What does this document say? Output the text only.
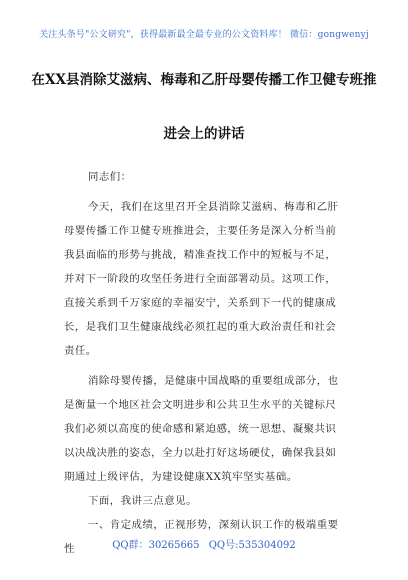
关注头条号"公文研究"，获得最新最全最专业的公文资料库！ 微信：gongwenyj
在XX县消除艾滋病、梅毒和乙肝母婴传播工作卫健专班推
进会上的讲话
同志们：
今天，我们在这里召开全县消除艾滋病、梅毒和乙肝
母婴传播工作卫健专班推进会，主要任务是深入分析当前
我县面临的形势与挑战，精准查找工作中的短板与不足，
并对下一阶段的攻坚任务进行全面部署动员。这项工作，
直接关系到千万家庭的幸福安宁，关系到下一代的健康成
长，是我们卫生健康战线必须扛起的重大政治责任和社会
责任。
消除母婴传播，是健康中国战略的重要组成部分，也
是衡量一个地区社会文明进步和公共卫生水平的关键标尺
我们必须以高度的使命感和紧迫感，统一思想、凝聚共识
以决战决胜的姿态，全力以赴打好这场硬仗，确保我县如
期通过上级评估，为建设健康XX筑牢坚实基础。
下面，我讲三点意见。
一、肯定成绩，正视形势，深刻认识工作的极端重要
性	QQ群：30265665 QQ号:535304092
